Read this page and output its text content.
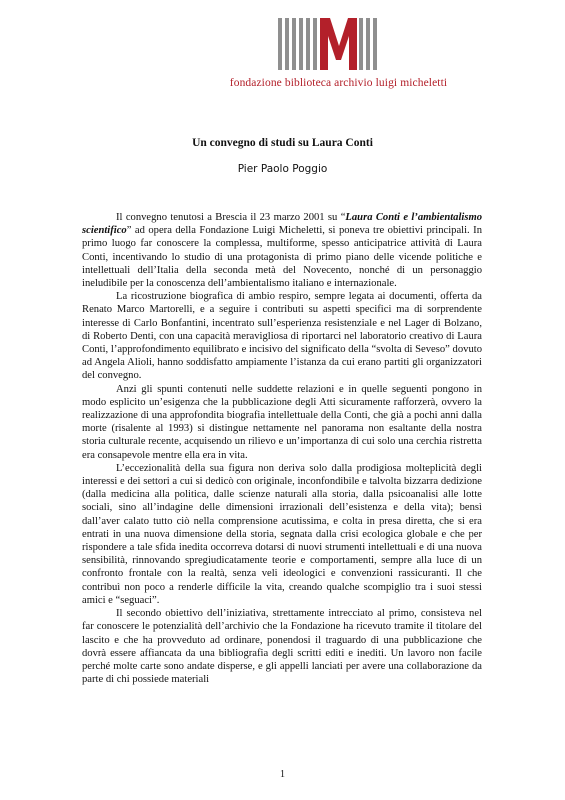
fondazione biblioteca archivio luigi micheletti
Un convegno di studi su Laura Conti
Pier Paolo Poggio

Il convegno tenutosi a Brescia il 23 marzo 2001 su “Laura Conti e l’ambientalismo scientifico” ad opera della Fondazione Luigi Micheletti, si poneva tre obiettivi principali. In primo luogo far conoscere la complessa, multiforme, spesso anticipatrice attività di Laura Conti, incentivando lo studio di una protagonista di primo piano delle vicende politiche e intellettuali dell’Italia della seconda metà del Novecento, nonché di un personaggio ineludibile per la conoscenza dell’ambientalismo italiano e internazionale.

La ricostruzione biografica di ambio respiro, sempre legata ai documenti, offerta da Renato Marco Martorelli, e a seguire i contributi su aspetti specifici ma di sorprendente interesse di Carlo Bonfantini, incentrato sull’esperienza resistenziale e nel Lager di Bolzano, di Roberto Denti, con una capacità meravigliosa di riportarci nel laboratorio creativo di Laura Conti, l’approfondimento equilibrato e incisivo del significato della “svolta di Seveso” dovuto ad Angela Alioli, hanno soddisfatto ampiamente l’istanza da cui erano partiti gli organizzatori del convegno.

Anzi gli spunti contenuti nelle suddette relazioni e in quelle seguenti pongono in modo esplicito un’esigenza che la pubblicazione degli Atti sicuramente rafforzerà, ovvero la realizzazione di una approfondita biografia intellettuale della Conti, che già a pochi anni dalla morte (risalente al 1993) si distingue nettamente nel panorama non esaltante della nostra storia culturale recente, acquisendo un rilievo e un’importanza di cui solo una cerchia ristretta era consapevole mentre ella era in vita.

L’eccezionalità della sua figura non deriva solo dalla prodigiosa molteplicità degli interessi e dei settori a cui si dedicò con originale, inconfondibile e talvolta bizzarra dedizione (dalla medicina alla politica, dalle scienze naturali alla storia, dalla psicoanalisi alle lotte sociali, sino all’indagine delle dimensioni irrazionali dell’esistenza e della vita); bensì dall’aver calato tutto ciò nella comprensione acutissima, e colta in presa diretta, che si era entrati in una nuova dimensione della storia, segnata dalla crisi ecologica globale e che per rispondere a tale sfida inedita occorreva dotarsi di nuovi strumenti intellettuali e di una nuova sensibilità, rinnovando spregiudicatamente teorie e comportamenti, sempre alla luce di un confronto frontale con la realtà, senza veli ideologici e convenzioni rassicuranti. Il che contribuì non poco a renderle difficile la vita, creando qualche scompiglio tra i suoi stessi amici e “seguaci”.

Il secondo obiettivo dell’iniziativa, strettamente intrecciato al primo, consisteva nel far conoscere le potenzialità dell’archivio che la Fondazione ha ricevuto tramite il titolare del lascito e che ha provveduto ad ordinare, ponendosi il traguardo di una pubblicazione che dovrà essere affiancata da una bibliografia degli scritti editi e inediti. Un lavoro non facile perché molte carte sono andate disperse, e gli appelli lanciati per avere una collaborazione da parte di chi possiede materiali

1
